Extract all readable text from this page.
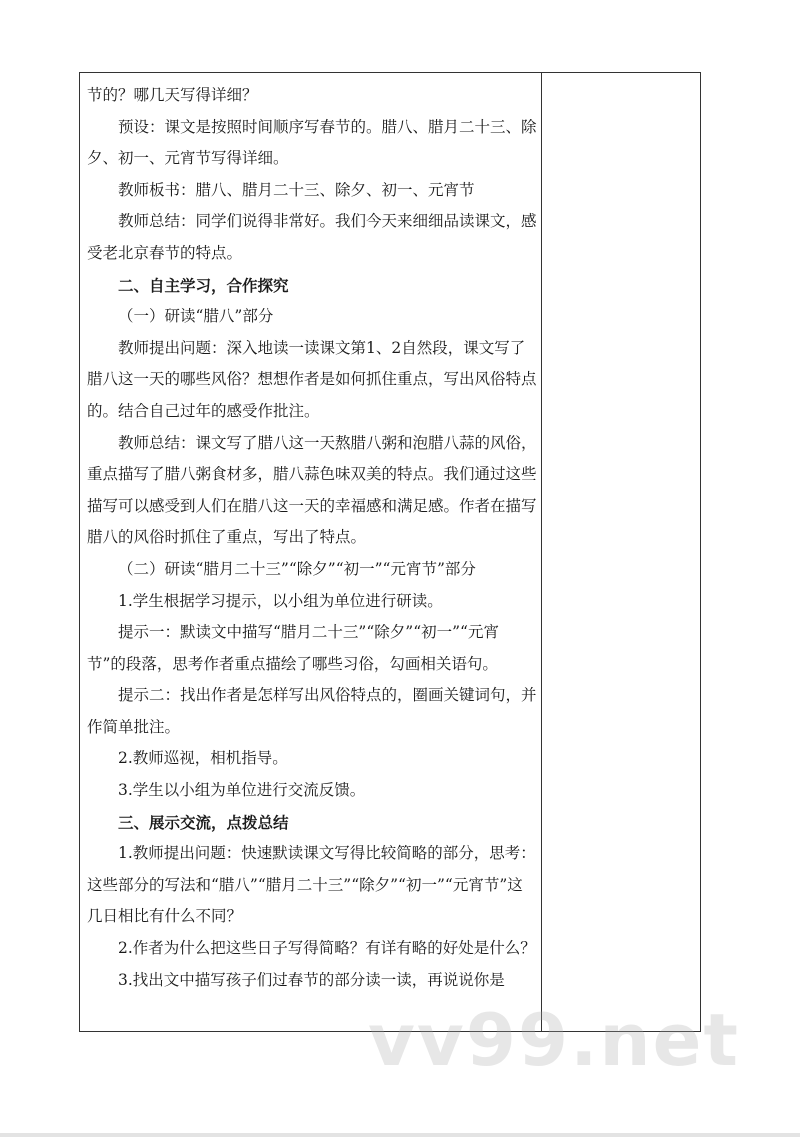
节的？哪几天写得详细？

预设：课文是按照时间顺序写春节的。腊八、腊月二十三、除夕、初一、元宵节写得详细。

教师板书：腊八、腊月二十三、除夕、初一、元宵节

教师总结：同学们说得非常好。我们今天来细细品读课文，感受老北京春节的特点。

二、自主学习，合作探究

（一）研读“腊八”部分

教师提出问题：深入地读一读课文第1、2自然段，课文写了腊八这一天的哪些风俗？想想作者是如何抓住重点，写出风俗特点的。结合自己过年的感受作批注。

教师总结：课文写了腊八这一天熬腊八粥和泡腊八蒜的风俗，重点描写了腊八粥食材多，腊八蒜色味双美的特点。我们通过这些描写可以感受到人们在腊八这一天的幸福感和满足感。作者在描写腊八的风俗时抓住了重点，写出了特点。

（二）研读“腊月二十三”“除夕”“初一”“元宵节”部分

1.学生根据学习提示，以小组为单位进行研读。

提示一：默读文中描写“腊月二十三”“除夕”“初一”“元宵节”的段落，思考作者重点描绘了哪些习俗，勾画相关语句。

提示二：找出作者是怎样写出风俗特点的，圈画关键词句，并作简单批注。

2.教师巡视，相机指导。

3.学生以小组为单位进行交流反馈。

三、展示交流，点拨总结

1.教师提出问题：快速默读课文写得比较简略的部分，思考：这些部分的写法和“腊八”“腊月二十三”“除夕”“初一”“元宵节”这几日相比有什么不同？

2.作者为什么把这些日子写得简略？有详有略的好处是什么？

3.找出文中描写孩子们过春节的部分读一读，再说说你是

vv99.net
